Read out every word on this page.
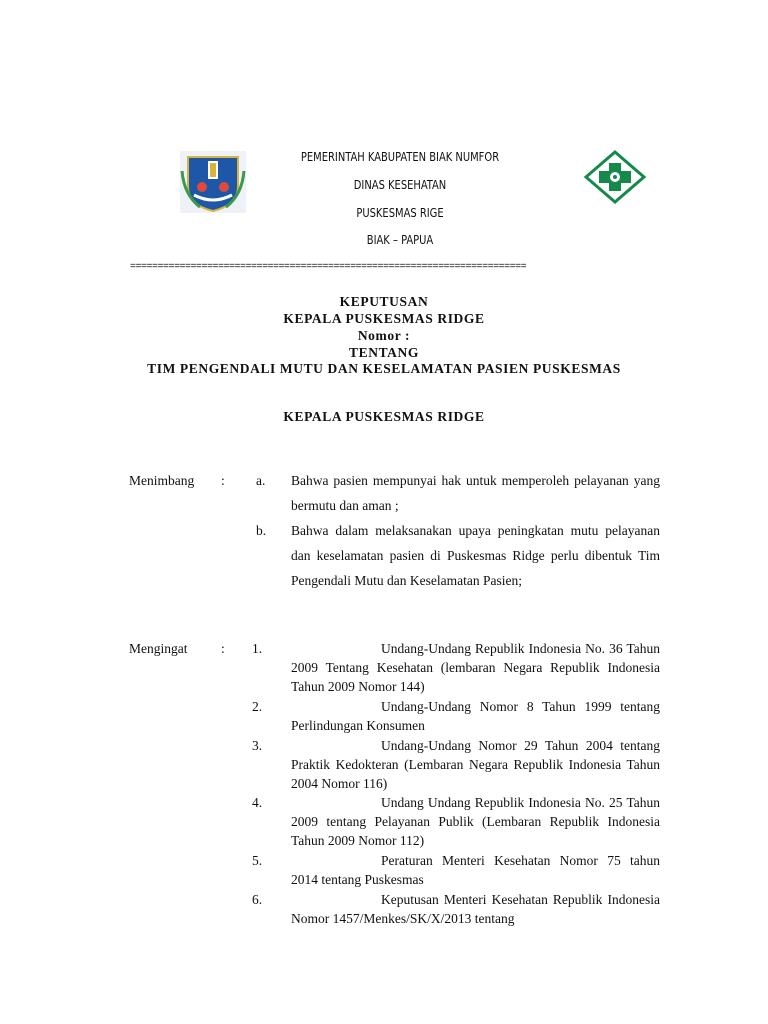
PEMERINTAH KABUPATEN BIAK NUMFOR
DINAS KESEHATAN
PUSKESMAS RIGE
BIAK – PAPUA
========================================================================
KEPUTUSAN
KEPALA PUSKESMAS RIDGE
Nomor :
TENTANG
TIM PENGENDALI MUTU DAN KESELAMATAN PASIEN PUSKESMAS
KEPALA PUSKESMAS RIDGE
Menimbang : a. Bahwa pasien mempunyai hak untuk memperoleh pelayanan yang bermutu dan aman ;
b. Bahwa dalam melaksanakan upaya peningkatan mutu pelayanan dan keselamatan pasien di Puskesmas Ridge perlu dibentuk Tim Pengendali Mutu dan Keselamatan Pasien;
Mengingat : 1.	Undang-Undang Republik Indonesia No. 36 Tahun 2009 Tentang Kesehatan (lembaran Negara Republik Indonesia Tahun 2009 Nomor 144)
2.	Undang-Undang Nomor 8 Tahun 1999 tentang Perlindungan Konsumen
3.	Undang-Undang Nomor 29 Tahun 2004 tentang Praktik Kedokteran (Lembaran Negara Republik Indonesia Tahun 2004 Nomor 116)
4.	Undang Undang Republik Indonesia No. 25 Tahun 2009 tentang Pelayanan Publik (Lembaran Republik Indonesia Tahun 2009 Nomor 112)
5.	Peraturan Menteri Kesehatan Nomor 75 tahun 2014 tentang Puskesmas
6.	Keputusan Menteri Kesehatan Republik Indonesia Nomor 1457/Menkes/SK/X/2013 tentang
